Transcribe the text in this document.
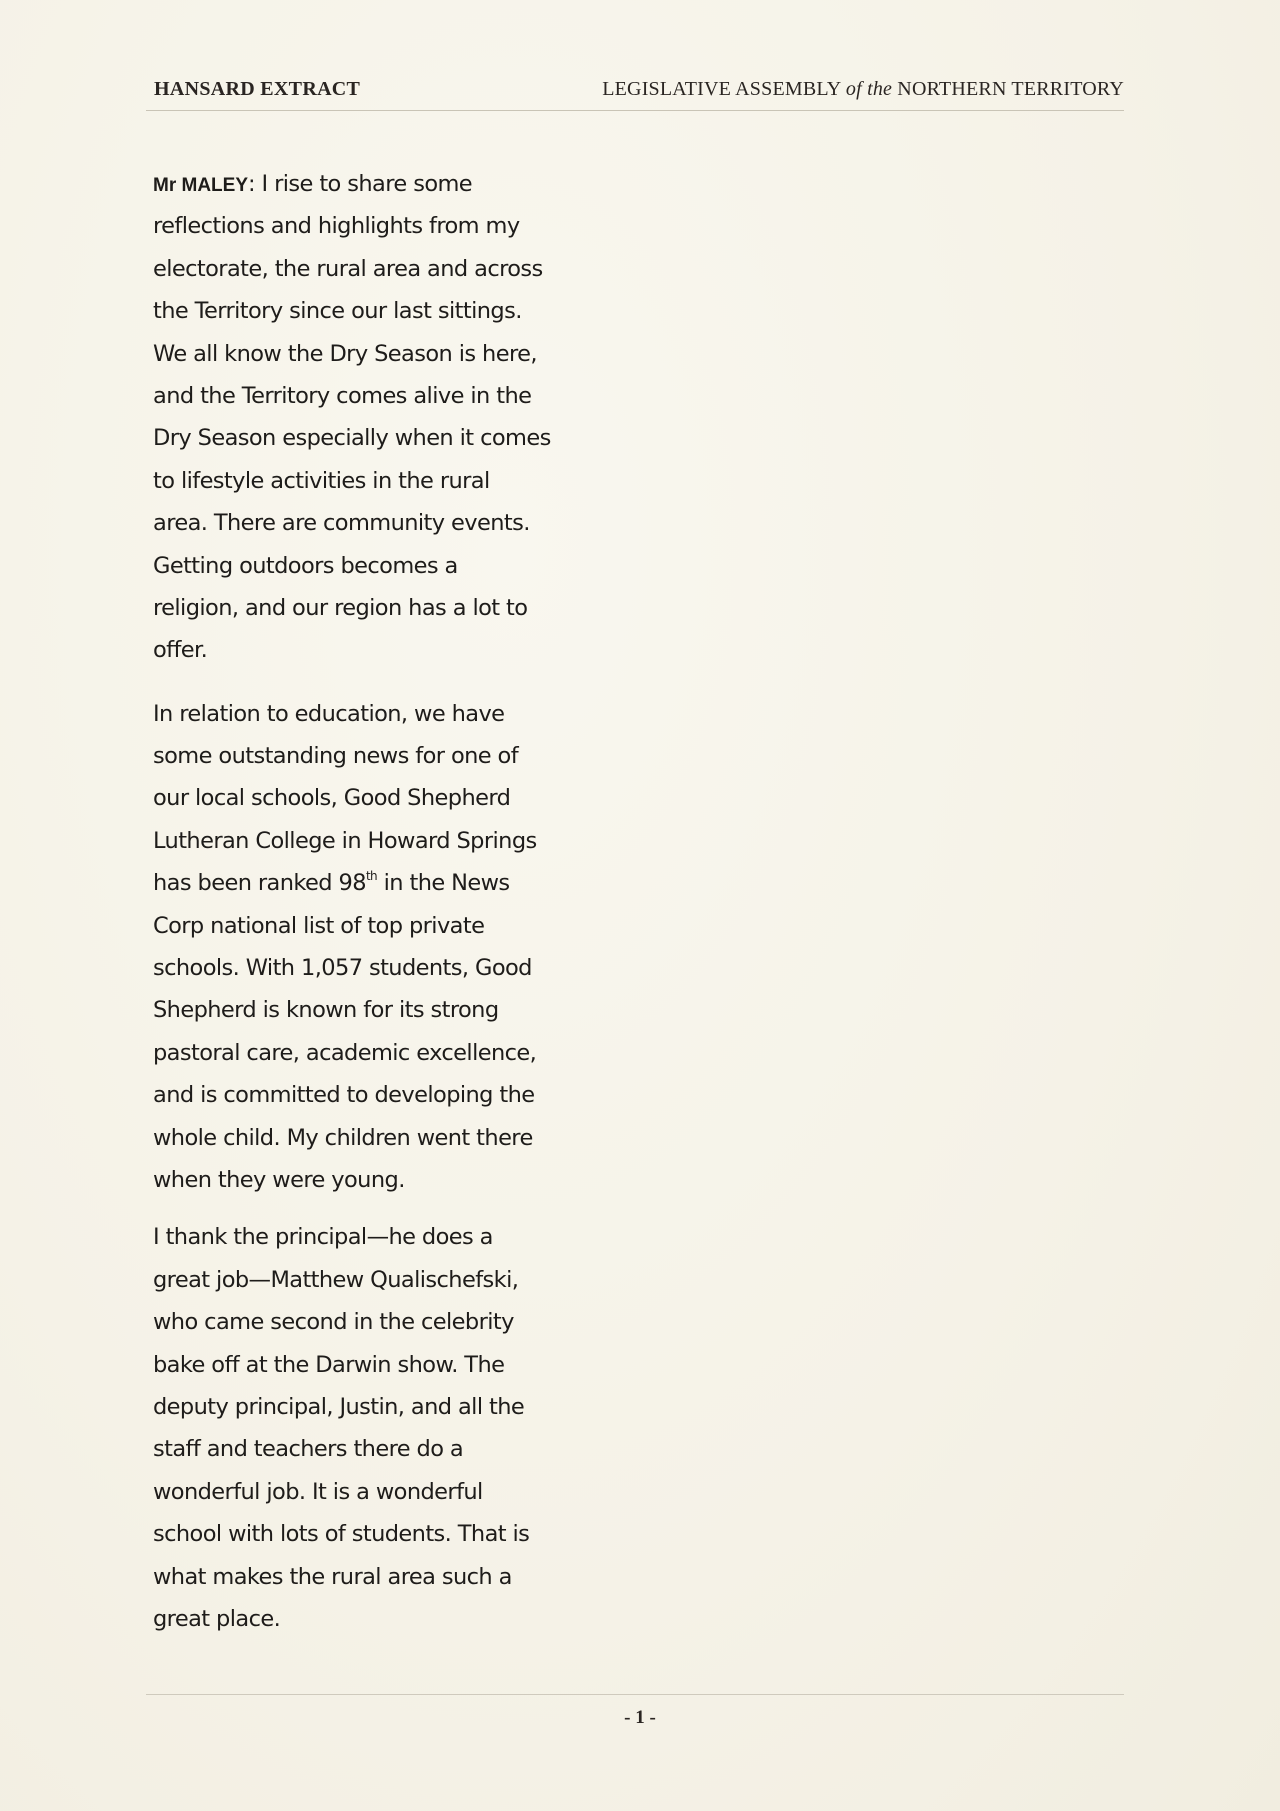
HANSARD EXTRACT	LEGISLATIVE ASSEMBLY of the NORTHERN TERRITORY
Mr MALEY: I rise to share some
reflections and highlights from my
electorate, the rural area and across
the Territory since our last sittings.
We all know the Dry Season is here,
and the Territory comes alive in the
Dry Season especially when it comes
to lifestyle activities in the rural
area. There are community events.
Getting outdoors becomes a
religion, and our region has a lot to
offer.
In relation to education, we have
some outstanding news for one of
our local schools, Good Shepherd
Lutheran College in Howard Springs
has been ranked 98th in the News
Corp national list of top private
schools. With 1,057 students, Good
Shepherd is known for its strong
pastoral care, academic excellence,
and is committed to developing the
whole child. My children went there
when they were young.
I thank the principal—he does a
great job—Matthew Qualischefski,
who came second in the celebrity
bake off at the Darwin show. The
deputy principal, Justin, and all the
staff and teachers there do a
wonderful job. It is a wonderful
school with lots of students. That is
what makes the rural area such a
great place.
- 1 -
